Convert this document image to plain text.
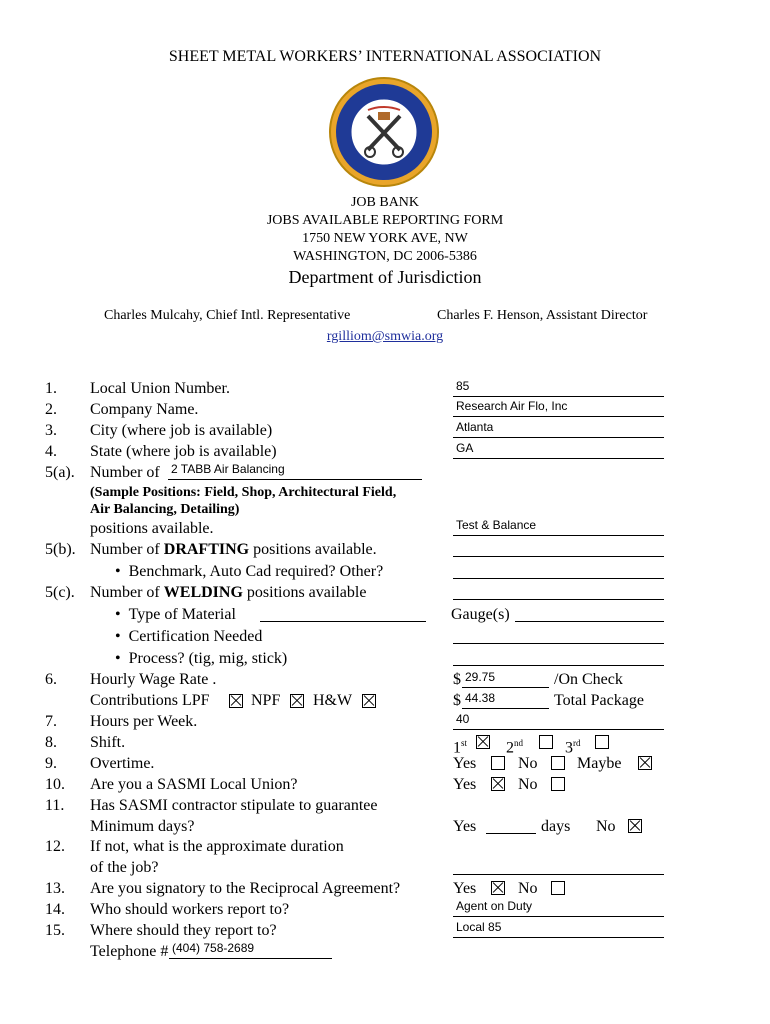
SHEET METAL WORKERS’ INTERNATIONAL ASSOCIATION
JOB BANK
JOBS AVAILABLE REPORTING FORM
1750 NEW YORK AVE, NW
WASHINGTON, DC 2006-5386
Department of Jurisdiction
Charles Mulcahy, Chief Intl. Representative	Charles F. Henson, Assistant Director
rgilliom@smwia.org
1. Local Union Number.	85
2. Company Name.	Research Air Flo, Inc
3. City (where job is available)	Atlanta
4. State (where job is available)	GA
5(a). Number of 2 TABB Air Balancing
(Sample Positions: Field, Shop, Architectural Field,
Air Balancing, Detailing)
positions available.	Test & Balance
5(b). Number of DRAFTING positions available.
•  Benchmark, Auto Cad required? Other?
5(c). Number of WELDING positions available
•  Type of Material	Gauge(s)
•  Certification Needed
•  Process? (tig, mig, stick)
6. Hourly Wage Rate .	$ 29.75	/On Check
Contributions LPF	NPF H&W	$ 44.38	Total Package
7. Hours per Week.	40
8. Shift.	1st 2nd	3rd
9. Overtime.	Yes	No Maybe
10. Are you a SASMI Local Union?	Yes	No
11. Has SASMI contractor stipulate to guarantee
Minimum days?	Yes	days No
12. If not, what is the approximate duration
of the job?
13. Are you signatory to the Reciprocal Agreement?	Yes	No
14. Who should workers report to?	Agent on Duty
15. Where should they report to?	Local 85
Telephone # (404) 758-2689
